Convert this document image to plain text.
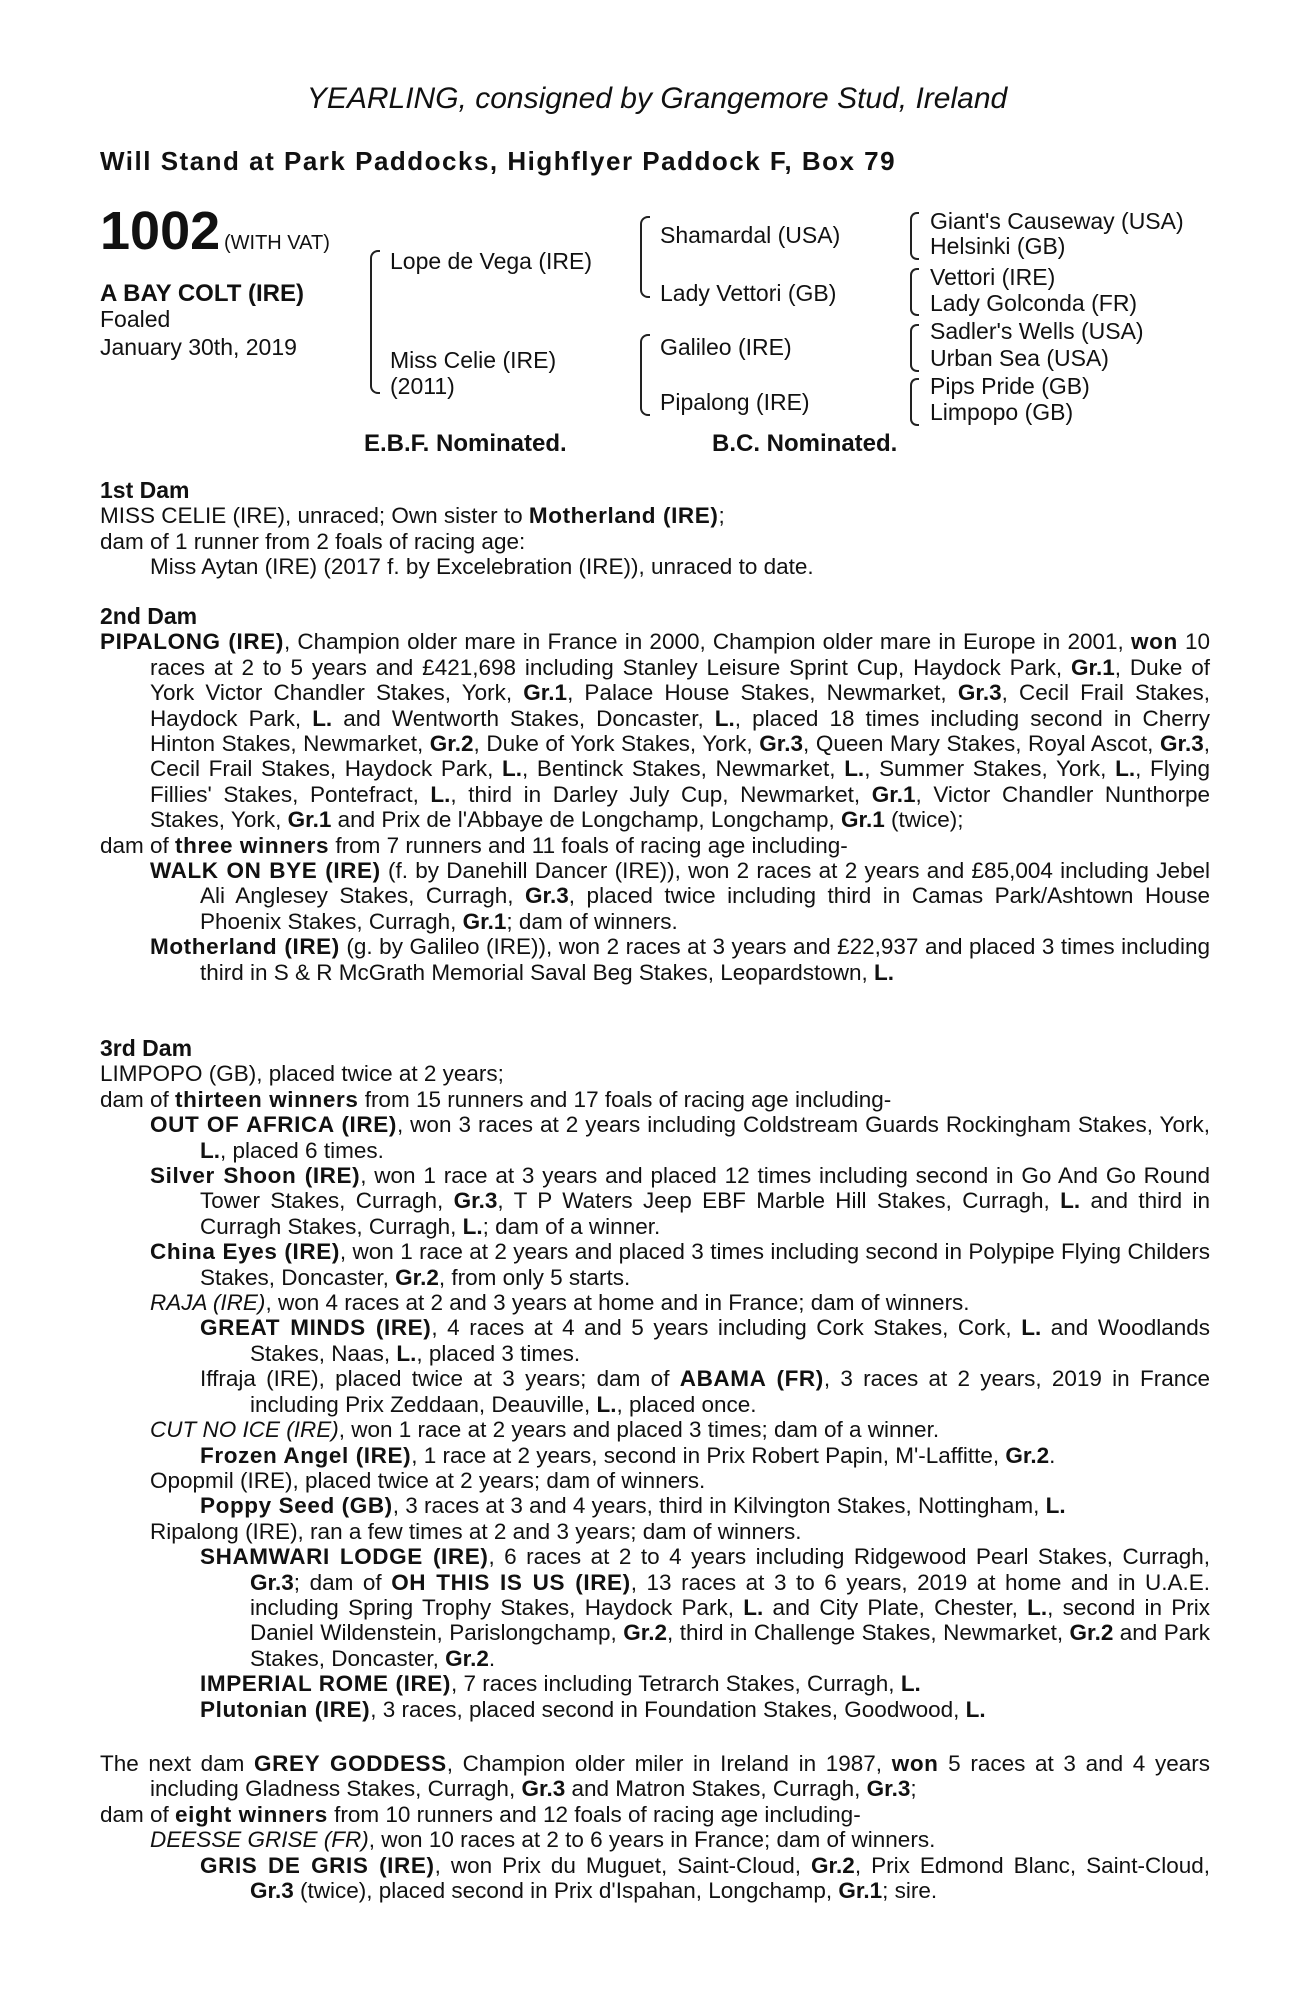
YEARLING, consigned by Grangemore Stud, Ireland
Will Stand at Park Paddocks, Highflyer Paddock F, Box 79
1002 (WITH VAT)
A BAY COLT (IRE)
Foaled
January 30th, 2019
Lope de Vega (IRE)
Miss Celie (IRE)
(2011)
Shamardal (USA)
Lady Vettori (GB)
Galileo (IRE)
Pipalong (IRE)
Giant's Causeway (USA)
Helsinki (GB)
Vettori (IRE)
Lady Golconda (FR)
Sadler's Wells (USA)
Urban Sea (USA)
Pips Pride (GB)
Limpopo (GB)
E.B.F. Nominated.	B.C. Nominated.

1st Dam

MISS CELIE (IRE), unraced; Own sister to Motherland (IRE);

dam of 1 runner from 2 foals of racing age:

Miss Aytan (IRE) (2017 f. by Excelebration (IRE)), unraced to date.

2nd Dam

PIPALONG (IRE), Champion older mare in France in 2000, Champion older mare in Europe in 2001, won 10 races at 2 to 5 years and £421,698 including Stanley Leisure Sprint Cup, Haydock Park, Gr.1, Duke of York Victor Chandler Stakes, York, Gr.1, Palace House Stakes, Newmarket, Gr.3, Cecil Frail Stakes, Haydock Park, L. and Wentworth Stakes, Doncaster, L., placed 18 times including second in Cherry Hinton Stakes, Newmarket, Gr.2, Duke of York Stakes, York, Gr.3, Queen Mary Stakes, Royal Ascot, Gr.3, Cecil Frail Stakes, Haydock Park, L., Bentinck Stakes, Newmarket, L., Summer Stakes, York, L., Flying Fillies' Stakes, Pontefract, L., third in Darley July Cup, Newmarket, Gr.1, Victor Chandler Nunthorpe Stakes, York, Gr.1 and Prix de l'Abbaye de Longchamp, Longchamp, Gr.1 (twice);

dam of three winners from 7 runners and 11 foals of racing age including-

WALK ON BYE (IRE) (f. by Danehill Dancer (IRE)), won 2 races at 2 years and £85,004 including Jebel Ali Anglesey Stakes, Curragh, Gr.3, placed twice including third in Camas Park/Ashtown House Phoenix Stakes, Curragh, Gr.1; dam of winners.

Motherland (IRE) (g. by Galileo (IRE)), won 2 races at 3 years and £22,937 and placed 3 times including third in S & R McGrath Memorial Saval Beg Stakes, Leopardstown, L.

3rd Dam

LIMPOPO (GB), placed twice at 2 years;

dam of thirteen winners from 15 runners and 17 foals of racing age including-

OUT OF AFRICA (IRE), won 3 races at 2 years including Coldstream Guards Rockingham Stakes, York, L., placed 6 times.

Silver Shoon (IRE), won 1 race at 3 years and placed 12 times including second in Go And Go Round Tower Stakes, Curragh, Gr.3, T P Waters Jeep EBF Marble Hill Stakes, Curragh, L. and third in Curragh Stakes, Curragh, L.; dam of a winner.

China Eyes (IRE), won 1 race at 2 years and placed 3 times including second in Polypipe Flying Childers Stakes, Doncaster, Gr.2, from only 5 starts.

RAJA (IRE), won 4 races at 2 and 3 years at home and in France; dam of winners.

GREAT MINDS (IRE), 4 races at 4 and 5 years including Cork Stakes, Cork, L. and Woodlands Stakes, Naas, L., placed 3 times.

Iffraja (IRE), placed twice at 3 years; dam of ABAMA (FR), 3 races at 2 years, 2019 in France including Prix Zeddaan, Deauville, L., placed once.

CUT NO ICE (IRE), won 1 race at 2 years and placed 3 times; dam of a winner.

Frozen Angel (IRE), 1 race at 2 years, second in Prix Robert Papin, M'-Laffitte, Gr.2.

Opopmil (IRE), placed twice at 2 years; dam of winners.

Poppy Seed (GB), 3 races at 3 and 4 years, third in Kilvington Stakes, Nottingham, L.

Ripalong (IRE), ran a few times at 2 and 3 years; dam of winners.

SHAMWARI LODGE (IRE), 6 races at 2 to 4 years including Ridgewood Pearl Stakes, Curragh, Gr.3; dam of OH THIS IS US (IRE), 13 races at 3 to 6 years, 2019 at home and in U.A.E. including Spring Trophy Stakes, Haydock Park, L. and City Plate, Chester, L., second in Prix Daniel Wildenstein, Parislongchamp, Gr.2, third in Challenge Stakes, Newmarket, Gr.2 and Park Stakes, Doncaster, Gr.2.

IMPERIAL ROME (IRE), 7 races including Tetrarch Stakes, Curragh, L.

Plutonian (IRE), 3 races, placed second in Foundation Stakes, Goodwood, L.

The next dam GREY GODDESS, Champion older miler in Ireland in 1987, won 5 races at 3 and 4 years including Gladness Stakes, Curragh, Gr.3 and Matron Stakes, Curragh, Gr.3;

dam of eight winners from 10 runners and 12 foals of racing age including-

DEESSE GRISE (FR), won 10 races at 2 to 6 years in France; dam of winners.

GRIS DE GRIS (IRE), won Prix du Muguet, Saint-Cloud, Gr.2, Prix Edmond Blanc, Saint-Cloud, Gr.3 (twice), placed second in Prix d'Ispahan, Longchamp, Gr.1; sire.
